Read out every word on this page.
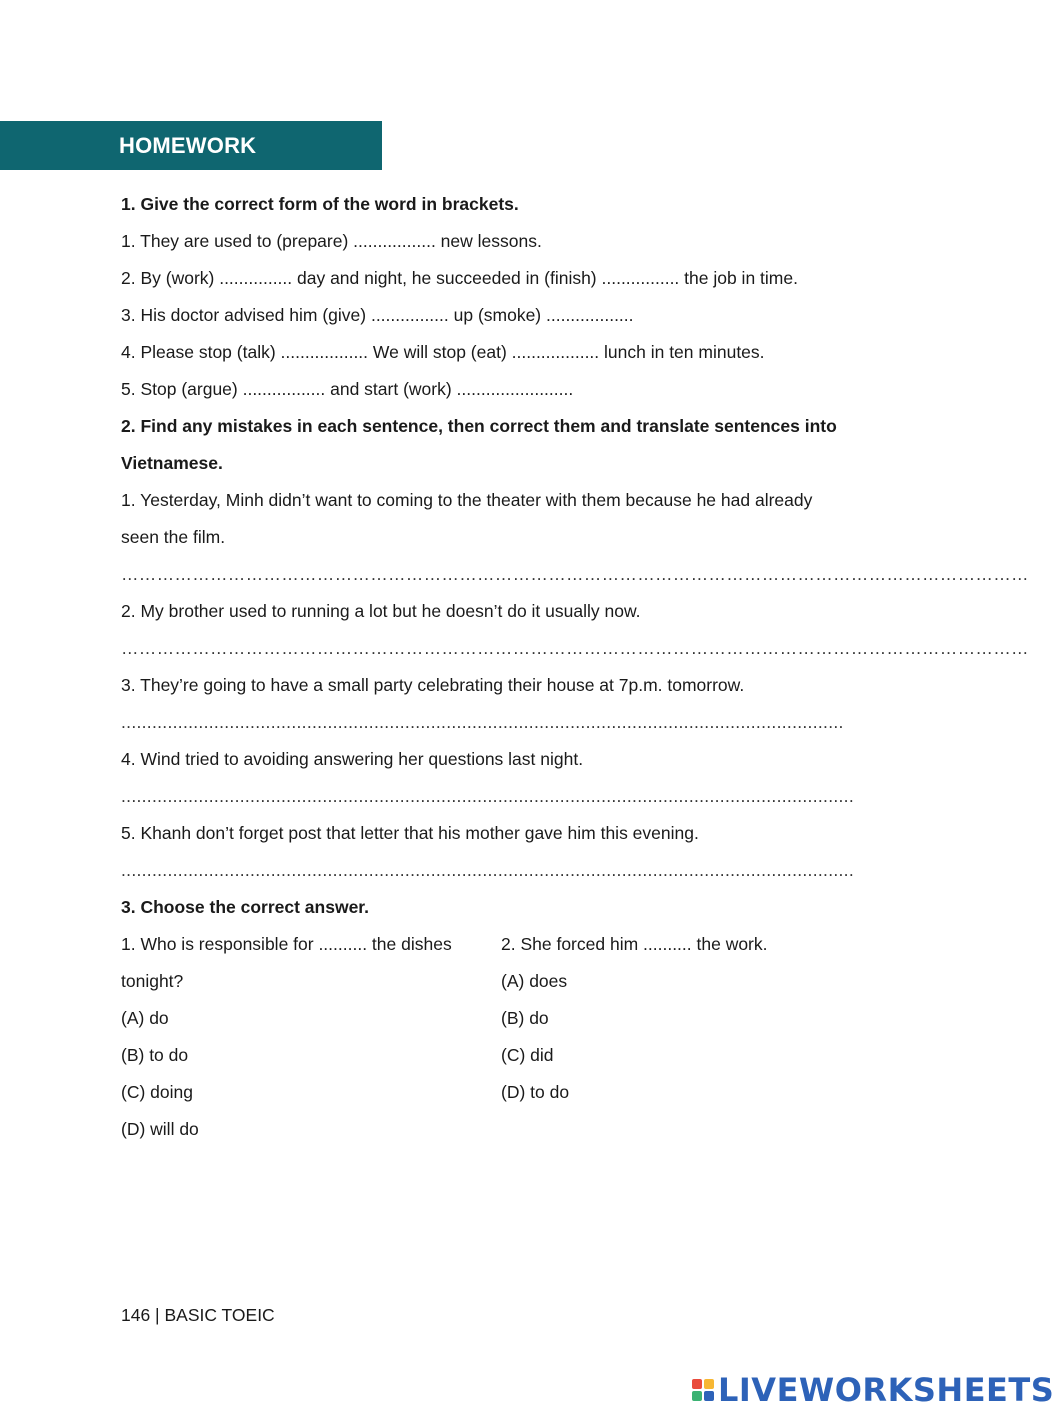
HOMEWORK
1. Give the correct form of the word in brackets.
1. They are used to (prepare) ................. new lessons.
2. By (work) ............... day and night, he succeeded in (finish) ................ the job in time.
3. His doctor advised him (give) ................ up (smoke) ..................
4. Please stop (talk) .................. We will stop (eat) .................. lunch in ten minutes.
5. Stop (argue) ................. and start (work) ........................
2. Find any mistakes in each sentence, then correct them and translate sentences into
Vietnamese.
1. Yesterday, Minh didn’t want to coming to the theater with them because he had already
seen the film.
………………………………………………………………………………………………………………………………………
2. My brother used to running a lot but he doesn’t do it usually now.
………………………………………………………………………………………………………………………………………
3. They’re going to have a small party celebrating their house at 7p.m. tomorrow.
............................................................................................................................................
4. Wind tried to avoiding answering her questions last night.
..............................................................................................................................................
5. Khanh don’t forget post that letter that his mother gave him this evening.
..............................................................................................................................................
3. Choose the correct answer.
1. Who is responsible for .......... the dishes
tonight?
(A) do
(B) to do
(C) doing
(D) will do
2. She forced him .......... the work.
(A) does
(B) do
(C) did
(D) to do
146 | BASIC TOEIC
LIVEWORKSHEETS
